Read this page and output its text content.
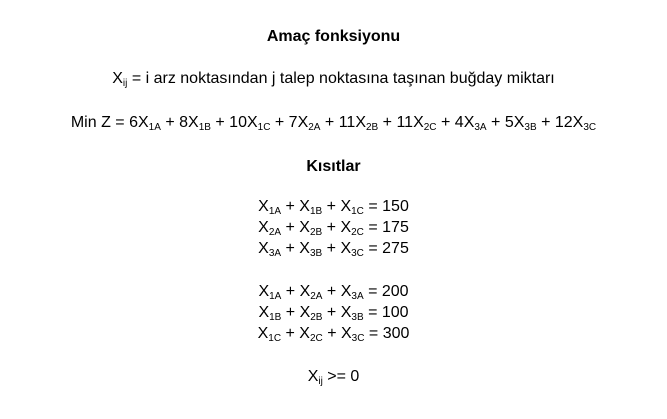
Amaç fonksiyonu
$X_{ij} = i$ arz noktasından j talep noktasına taşınan buğday miktarı
Min $Z = 6X_{1A} + 8X_{1B} + 10X_{1C} + 7X_{2A} + 11X_{2B} + 11X_{2C} + 4X_{3A} + 5X_{3B} + 12X_{3C}$
Kısıtlar
$X_{1A} + X_{1B} + X_{1C} = 150$
$X_{2A} + X_{2B} + X_{2C} = 175$
$X_{3A} + X_{3B} + X_{3C} = 275$
$X_{1A} + X_{2A} + X_{3A} = 200$
$X_{1B} + X_{2B} + X_{3B} = 100$
$X_{1C} + X_{2C} + X_{3C} = 300$
$X_{ij} >= 0$
